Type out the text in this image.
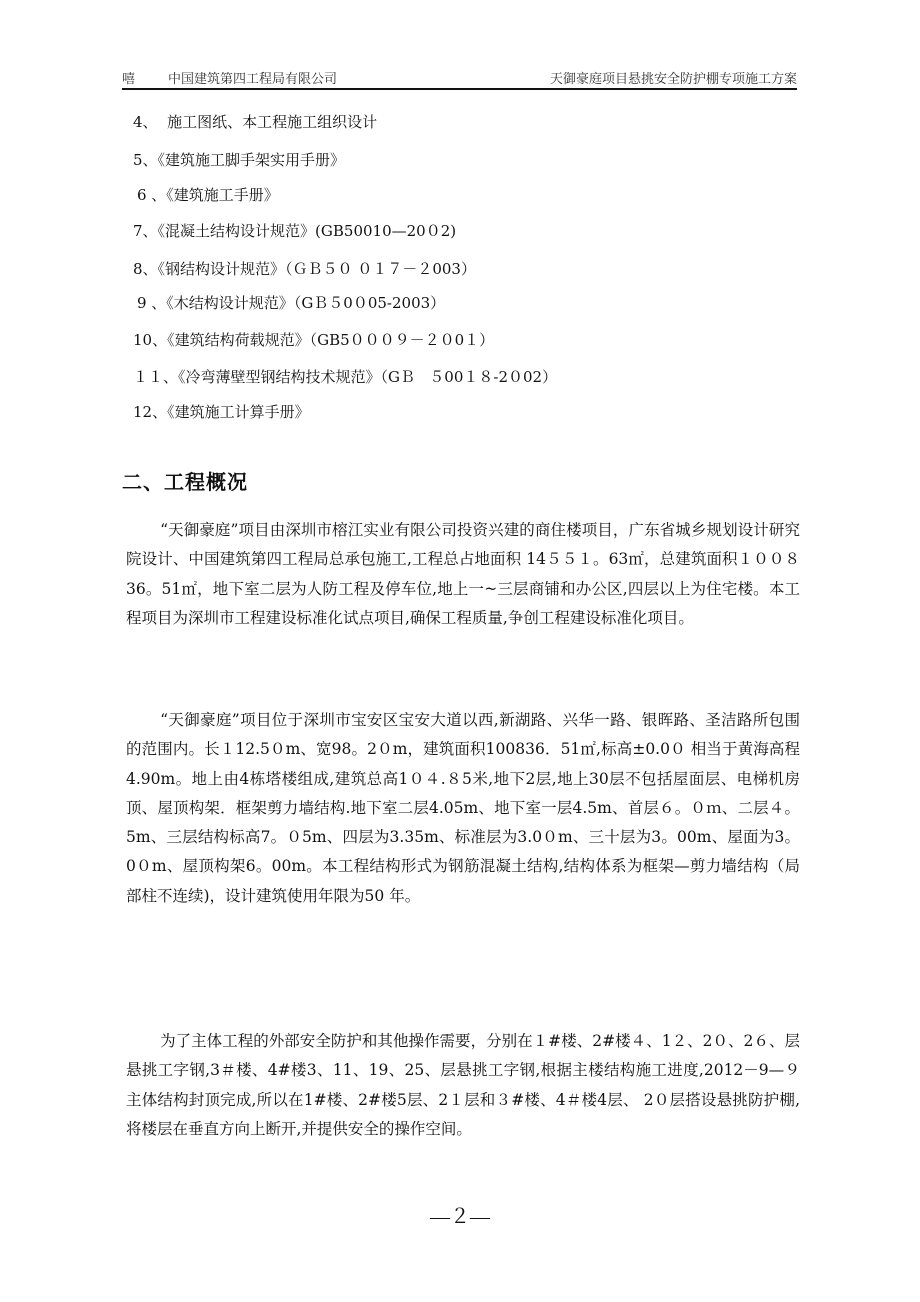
嘻	中国建筑第四工程局有限公司	天御豪庭项目悬挑安全防护棚专项施工方案
4、  施工图纸、本工程施工组织设计
5、《建筑施工脚手架实用手册》
6 、《建筑施工手册》
7、《混凝土结构设计规范》(GB50010—20０2)
8、《钢结构设计规范》（ＧＢ５０ ０１７－２003）
9 、《木结构设计规范》（GＢ５0０05-2003）
10、《建筑结构荷载规范》（GB5０００９－２０0１）
１１、《冷弯薄壁型钢结构技术规范》（GＢ   ５00１８-2０02）
12、《建筑施工计算手册》
二、工程概况

“天御豪庭”项目由深圳市榕江实业有限公司投资兴建的商住楼项目，广东省城乡规划设计研究院设计、中国建筑第四工程局总承包施工,工程总占地面积 14５５１。63㎡，总建筑面积１００８36。51㎡，地下室二层为人防工程及停车位,地上一~三层商铺和办公区,四层以上为住宅楼。本工程项目为深圳市工程建设标准化试点项目,确保工程质量,争创工程建设标准化项目。

“天御豪庭”项目位于深圳市宝安区宝安大道以西,新湖路、兴华一路、银晖路、圣洁路所包围的范围内。长１12.5０m、宽98。2０m，建筑面积100836．51㎡,标高±0.0０ 相当于黄海高程4.90m。地上由4栋塔楼组成,建筑总高1０４.８5米,地下2层,地上30层不包括屋面层、电梯机房顶、屋顶构架．框架剪力墙结构.地下室二层4.05m、地下室一层4.5m、首层６。０ｍ、二层４。5m、三层结构标高7。０5m、四层为3.35m、标准层为3.0０m、三十层为3。00m、屋面为3。0０m、屋顶构架6。00m。本工程结构形式为钢筋混凝土结构,结构体系为框架—剪力墙结构（局部柱不连续)，设计建筑使用年限为50 年。

为了主体工程的外部安全防护和其他操作需要，分别在１#楼、2#楼４、1２、2０、2６、层悬挑工字钢,3＃楼、4#楼3、11、19、25、层悬挑工字钢,根据主楼结构施工进度,2012－9—９主体结构封顶完成,所以在1#楼、2#楼5层、2１层和３#楼、4＃楼4层、 2０层搭设悬挑防护棚,将楼层在垂直方向上断开,并提供安全的操作空间。

—２—
